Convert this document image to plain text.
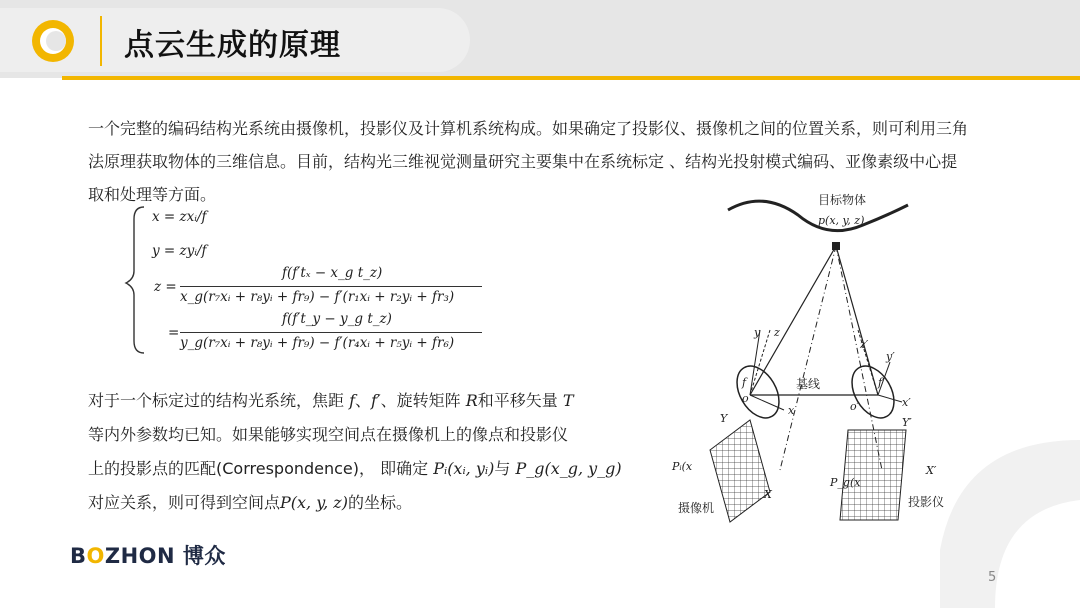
点云生成的原理
一个完整的编码结构光系统由摄像机，投影仪及计算机系统构成。如果确定了投影仪、摄像机之间的位置关系，则可利用三角法原理获取物体的三维信息。目前，结构光三维视觉测量研究主要集中在系统标定 、结构光投射模式编码、亚像素级中心提取和处理等方面。
x = zxᵢ/f
y = zyᵢ/f
z =
f(f′tₓ − x_g t_z)
x_g(r₇xᵢ + r₈yᵢ + fr₉) − f′(r₁xᵢ + r₂yᵢ + fr₃)
=
f(f′t_y − y_g t_z)
y_g(r₇xᵢ + r₈yᵢ + fr₉) − f′(r₄xᵢ + r₅yᵢ + fr₆)
对于一个标定过的结构光系统，焦距 f、f′、旋转矩阵 R和平移矢量 T
等内外参数均已知。如果能够实现空间点在摄像机上的像点和投影仪
上的投影点的匹配(Correspondence)， 即确定 Pᵢ(xᵢ, yᵢ)与 P_g(x_g, y_g)
对应关系，则可得到空间点P(x, y, z)的坐标。
目标物体
p(x, y, z)
基线
y z
x
f
o
y′
z′
x′
f′
o′
Y
X
Pᵢ(x
Y′
X′
P_g(x
摄像机	投影仪
BOZHON 博众
5
